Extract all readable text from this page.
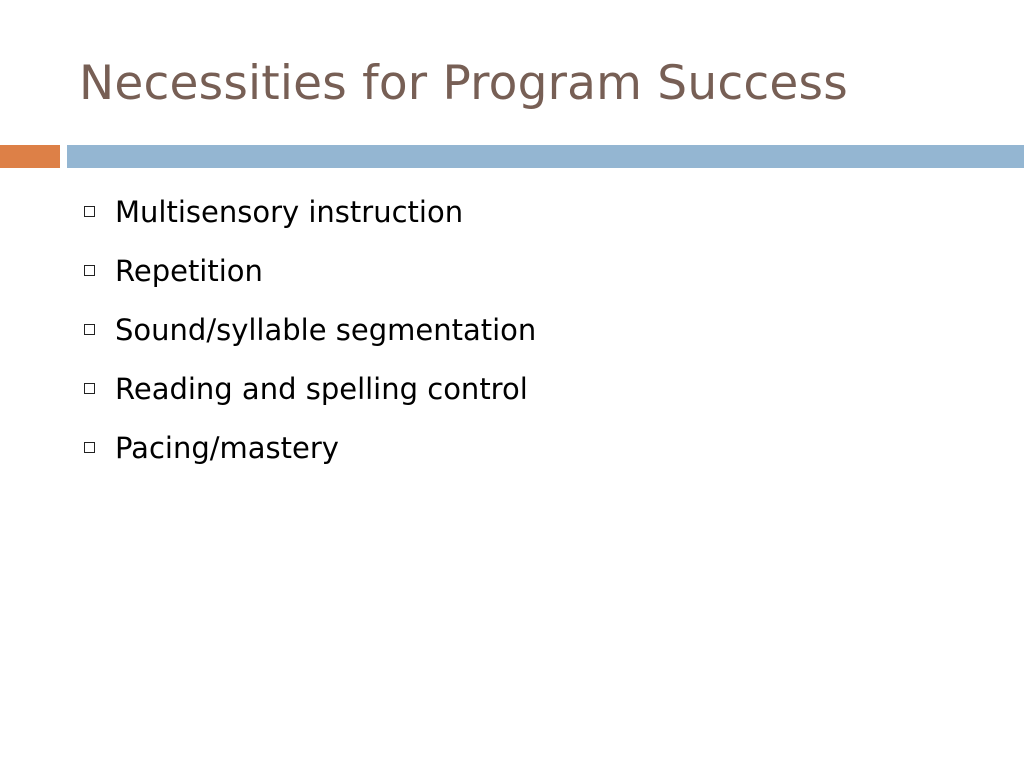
Necessities for Program Success
Multisensory instruction
Repetition
Sound/syllable segmentation
Reading and spelling control
Pacing/mastery
